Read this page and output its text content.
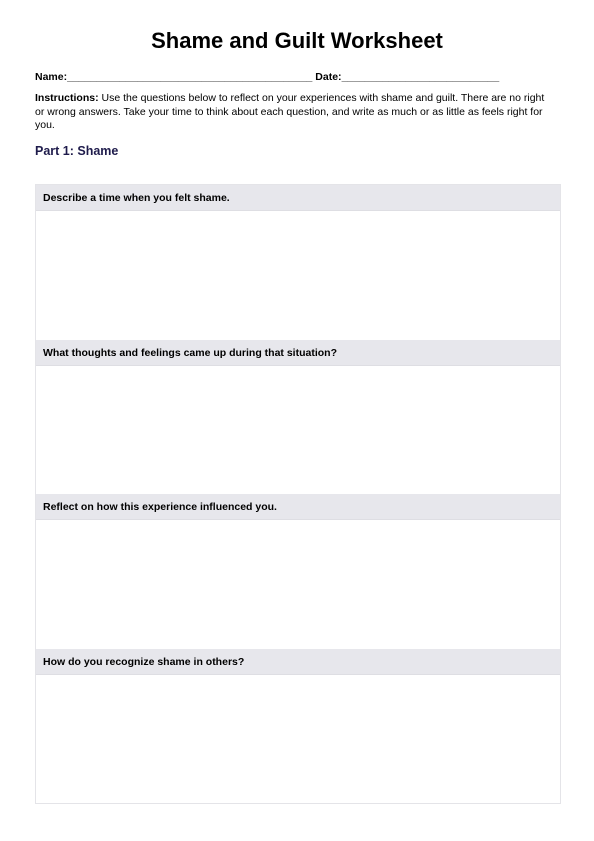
Shame and Guilt Worksheet
Name:__________________________________________ Date:___________________________

Instructions: Use the questions below to reflect on your experiences with shame and guilt. There are no right or wrong answers. Take your time to think about each question, and write as much or as little as feels right for you.

Part 1: Shame
Describe a time when you felt shame.
What thoughts and feelings came up during that situation?
Reflect on how this experience influenced you.
How do you recognize shame in others?
